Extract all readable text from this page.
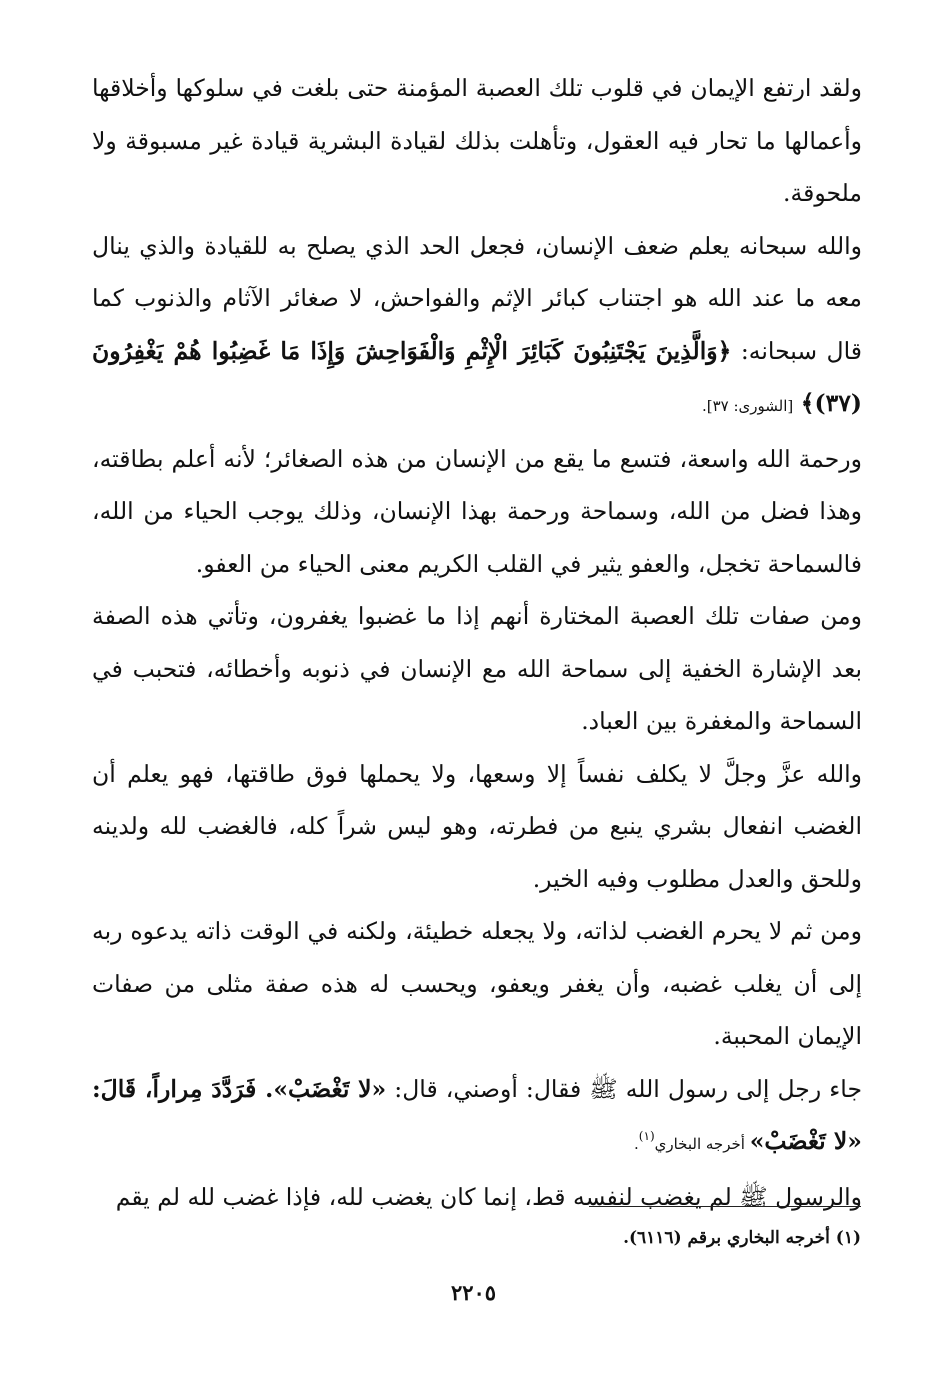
ولقد ارتفع الإيمان في قلوب تلك العصبة المؤمنة حتى بلغت في سلوكها وأخلاقها وأعمالها ما تحار فيه العقول، وتأهلت بذلك لقيادة البشرية قيادة غير مسبوقة ولا ملحوقة.

والله سبحانه يعلم ضعف الإنسان، فجعل الحد الذي يصلح به للقيادة والذي ينال معه ما عند الله هو اجتناب كبائر الإثم والفواحش، لا صغائر الآثام والذنوب كما قال سبحانه: ﴿وَالَّذِينَ يَجْتَنِبُونَ كَبَائِرَ الْإِثْمِ وَالْفَوَاحِشَ وَإِذَا مَا غَضِبُوا هُمْ يَغْفِرُونَ (٣٧)﴾ [الشورى: ٣٧].

ورحمة الله واسعة، فتسع ما يقع من الإنسان من هذه الصغائر؛ لأنه أعلم بطاقته، وهذا فضل من الله، وسماحة ورحمة بهذا الإنسان، وذلك يوجب الحياء من الله، فالسماحة تخجل، والعفو يثير في القلب الكريم معنى الحياء من العفو.

ومن صفات تلك العصبة المختارة أنهم إذا ما غضبوا يغفرون، وتأتي هذه الصفة بعد الإشارة الخفية إلى سماحة الله مع الإنسان في ذنوبه وأخطائه، فتحبب في السماحة والمغفرة بين العباد.

والله عزَّ وجلَّ لا يكلف نفساً إلا وسعها، ولا يحملها فوق طاقتها، فهو يعلم أن الغضب انفعال بشري ينبع من فطرته، وهو ليس شراً كله، فالغضب لله ولدينه وللحق والعدل مطلوب وفيه الخير.

ومن ثم لا يحرم الغضب لذاته، ولا يجعله خطيئة، ولكنه في الوقت ذاته يدعوه ربه إلى أن يغلب غضبه، وأن يغفر ويعفو، ويحسب له هذه صفة مثلى من صفات الإيمان المحببة.

جاء رجل إلى رسول الله ﷺ فقال: أوصني، قال: «لا تَغْضَبْ». فَرَدَّدَ مِراراً، قَالَ: «لا تَغْضَبْ» أخرجه البخاري$^{(١)}$.

والرسول ﷺ لم يغضب لنفسه قط، إنما كان يغضب لله، فإذا غضب لله لم يقم

(١) أخرجه البخاري برقم (٦١١٦).

٢٢٠٥
